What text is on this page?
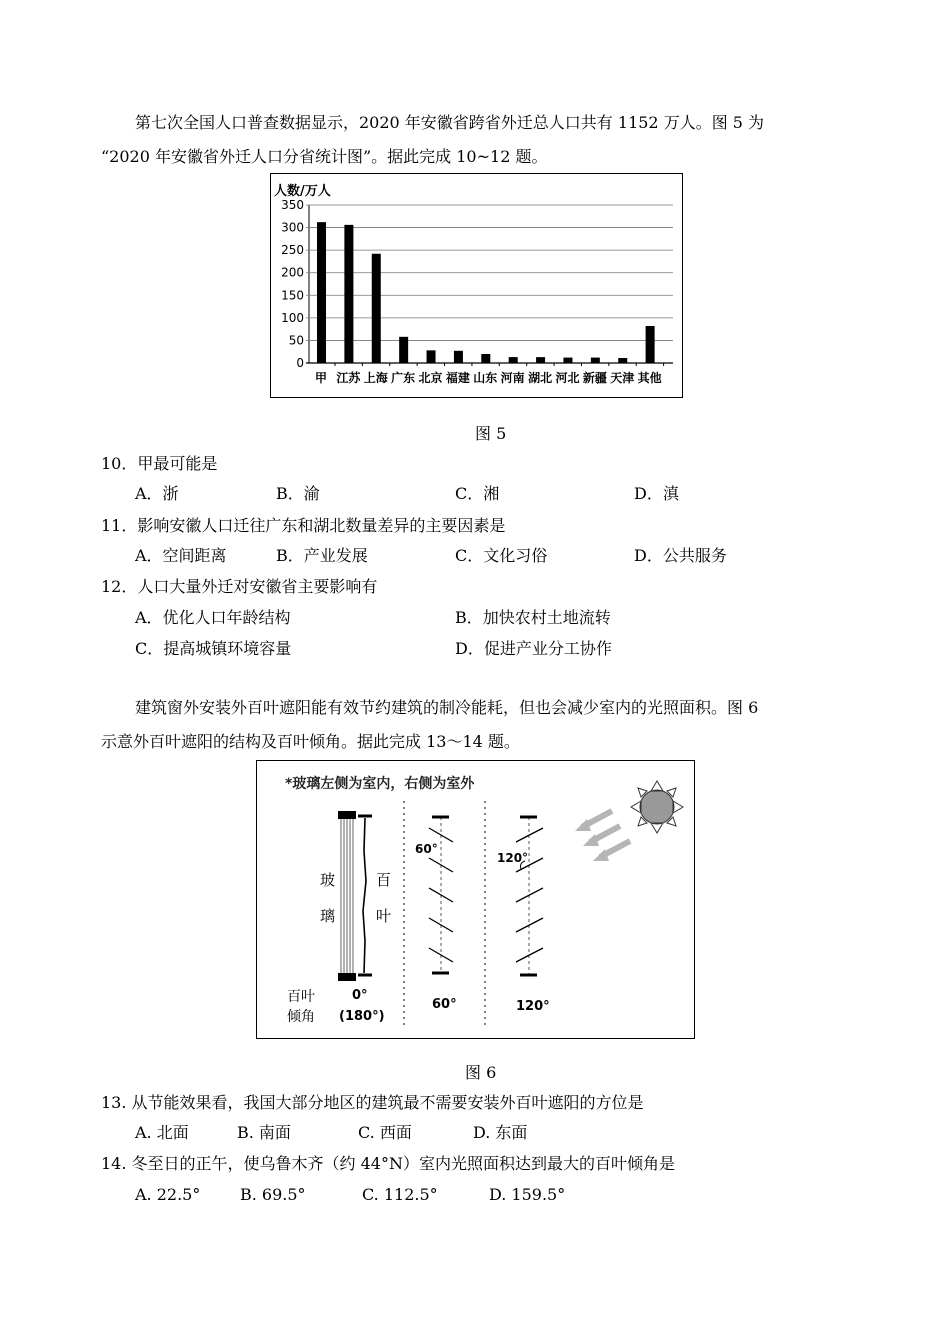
第七次全国人口普查数据显示，2020 年安徽省跨省外迁总人口共有 1152 万人。图 5 为
“2020 年安徽省外迁人口分省统计图”。据此完成 10~12 题。
人数/万人
甲 江苏 上海 广东 北京 福建 山东 河南 湖北 河北 新疆 天津 其他
350
300
250
200
150
100
50
0
图 5
10．甲最可能是
A．浙	B．渝	C．湘	D．滇
11．影响安徽人口迁往广东和湖北数量差异的主要因素是
A．空间距离	B．产业发展	C．文化习俗	D．公共服务
12．人口大量外迁对安徽省主要影响有
A．优化人口年龄结构	B．加快农村土地流转
C．提高城镇环境容量	D．促进产业分工协作
建筑窗外安装外百叶遮阳能有效节约建筑的制冷能耗，但也会减少室内的光照面积。图 6
示意外百叶遮阳的结构及百叶倾角。据此完成 13～14 题。
*玻璃左侧为室内，右侧为室外
玻
璃
百
叶
百叶
倾角
0°
(180°)
60°
60°
120°
120°
图 6
13. 从节能效果看，我国大部分地区的建筑最不需要安装外百叶遮阳的方位是
A. 北面	B. 南面	C. 西面	D. 东面
14. 冬至日的正午，使乌鲁木齐（约 44°N）室内光照面积达到最大的百叶倾角是
A. 22.5° B. 69.5°	C. 112.5°	D. 159.5°
